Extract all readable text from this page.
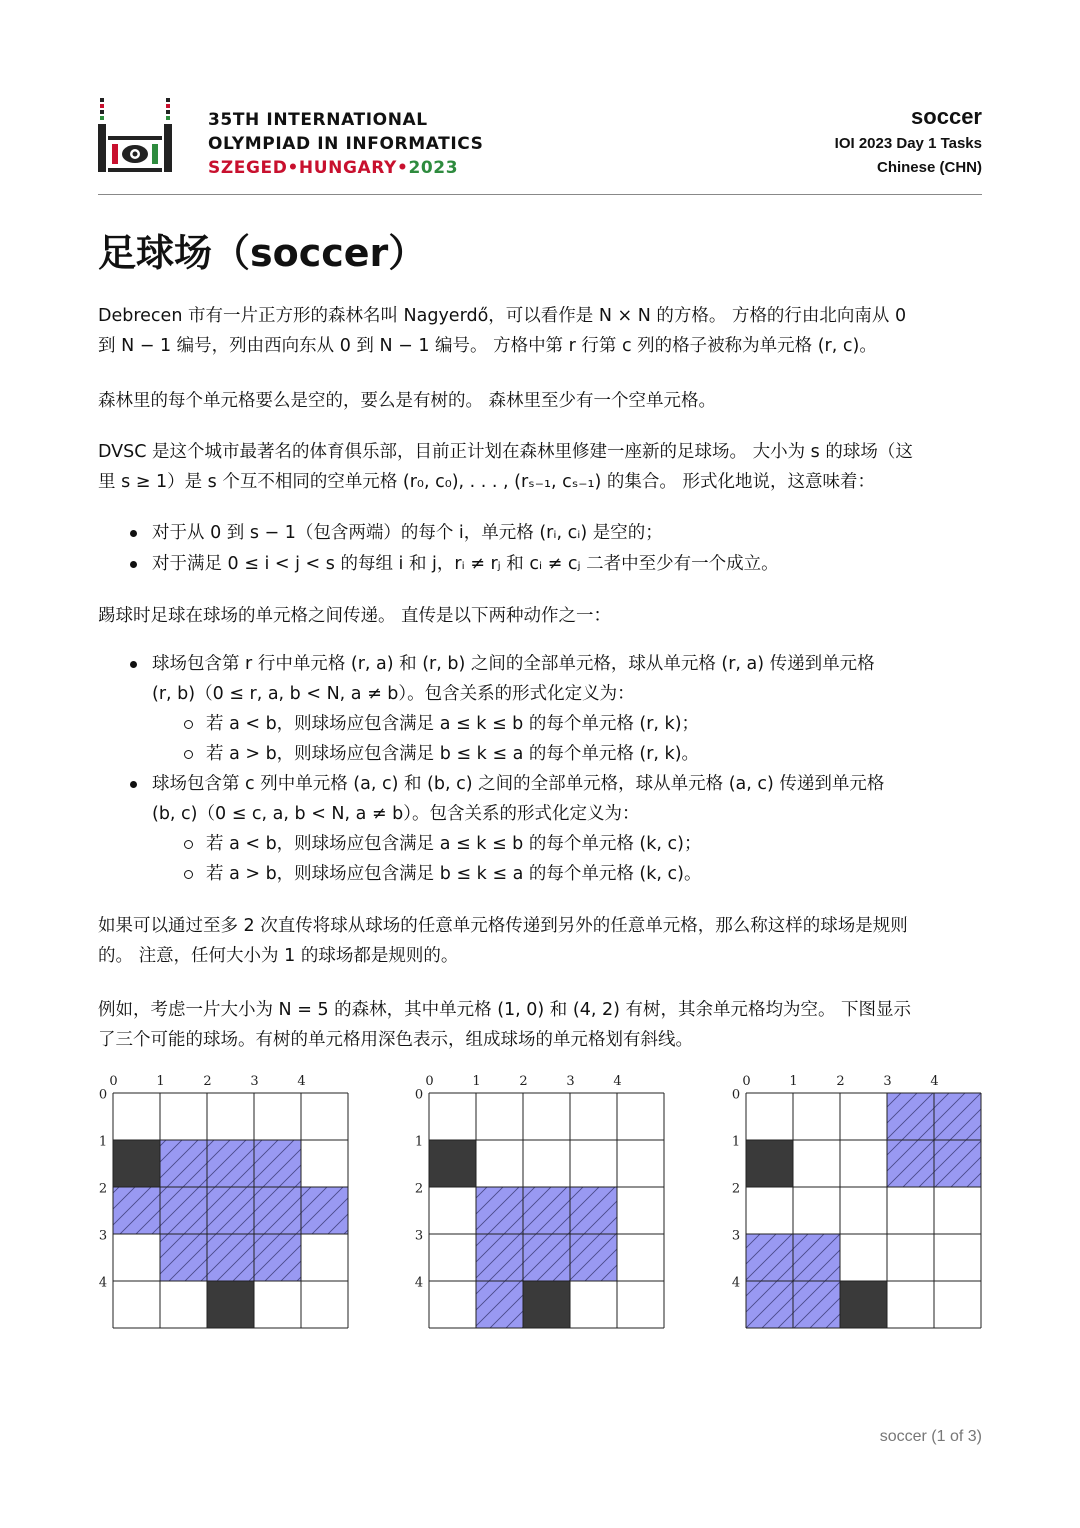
35TH INTERNATIONAL
OLYMPIAD IN INFORMATICS
SZEGED•HUNGARY•2023
soccer
IOI 2023 Day 1 Tasks
Chinese (CHN)
足球场（soccer）
Debrecen 市有一片正方形的森林名叫 Nagyerdő，可以看作是 N × N 的方格。 方格的行由北向南从 0
到 N − 1 编号，列由西向东从 0 到 N − 1 编号。 方格中第 r 行第 c 列的格子被称为单元格 (r, c)。
森林里的每个单元格要么是空的，要么是有树的。 森林里至少有一个空单元格。
DVSC 是这个城市最著名的体育俱乐部，目前正计划在森林里修建一座新的足球场。 大小为 s 的球场（这
里 s ≥ 1）是 s 个互不相同的空单元格 (r₀, c₀), . . . , (rₛ₋₁, cₛ₋₁) 的集合。 形式化地说，这意味着：
对于从 0 到 s − 1（包含两端）的每个 i，单元格 (rᵢ, cᵢ) 是空的；
对于满足 0 ≤ i < j < s 的每组 i 和 j，rᵢ ≠ rⱼ 和 cᵢ ≠ cⱼ 二者中至少有一个成立。
踢球时足球在球场的单元格之间传递。 直传是以下两种动作之一：
球场包含第 r 行中单元格 (r, a) 和 (r, b) 之间的全部单元格，球从单元格 (r, a) 传递到单元格
(r, b)（0 ≤ r, a, b < N, a ≠ b）。包含关系的形式化定义为：
若 a < b，则球场应包含满足 a ≤ k ≤ b 的每个单元格 (r, k)；
若 a > b，则球场应包含满足 b ≤ k ≤ a 的每个单元格 (r, k)。
球场包含第 c 列中单元格 (a, c) 和 (b, c) 之间的全部单元格，球从单元格 (a, c) 传递到单元格
(b, c)（0 ≤ c, a, b < N, a ≠ b）。包含关系的形式化定义为：
若 a < b，则球场应包含满足 a ≤ k ≤ b 的每个单元格 (k, c)；
若 a > b，则球场应包含满足 b ≤ k ≤ a 的每个单元格 (k, c)。
如果可以通过至多 2 次直传将球从球场的任意单元格传递到另外的任意单元格，那么称这样的球场是规则
的。 注意，任何大小为 1 的球场都是规则的。
例如，考虑一片大小为 N = 5 的森林，其中单元格 (1, 0) 和 (4, 2) 有树，其余单元格均为空。 下图显示
了三个可能的球场。有树的单元格用深色表示，组成球场的单元格划有斜线。
0
0
1
1
2
2
3
3
4
4
0
0
1
1
2
2
3
3
4
4
0
0
1
1
2
2
3
3
4
4
soccer (1 of 3)
